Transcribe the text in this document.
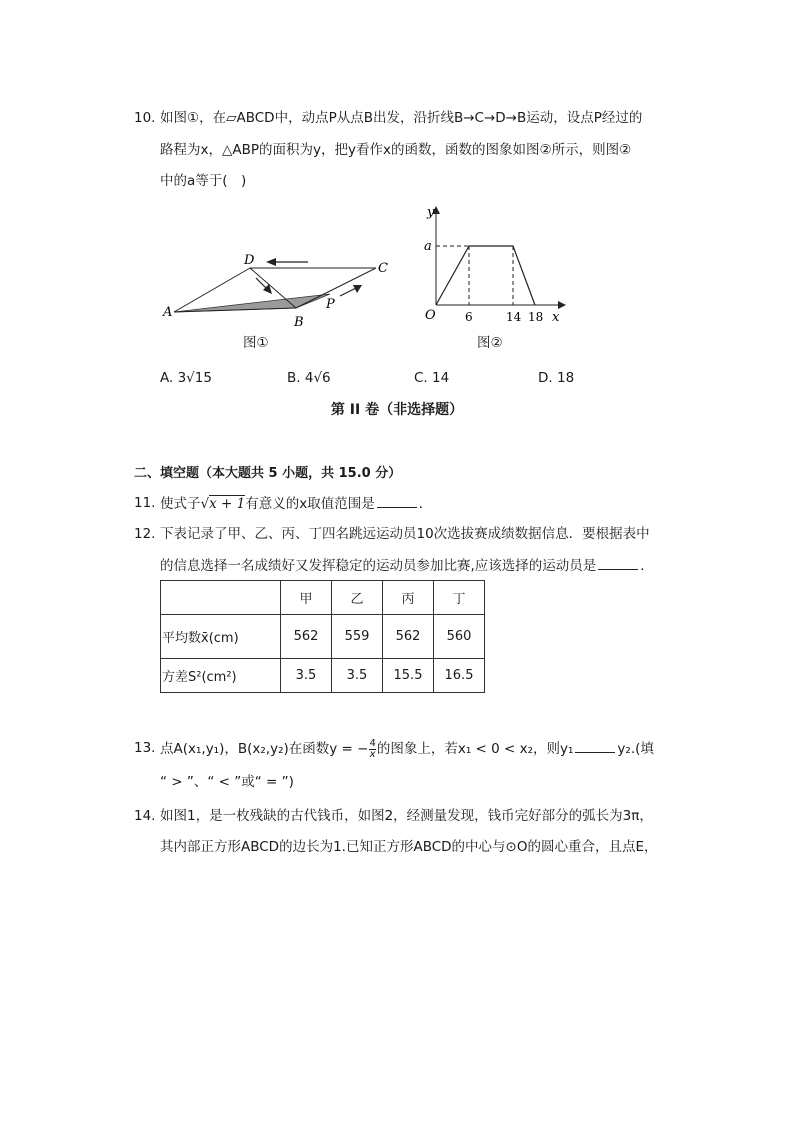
10. 如图①，在▱ABCD中，动点P从点B出发，沿折线B→C→D→B运动，设点P经过的
路程为x，△ABP的面积为y，把y看作x的函数，函数的图象如图②所示，则图②
中的a等于(　)
A
D
C
B
P
图①
y
x
O
a
6	14 18
图②
A. 3√15	B. 4√6	C. 14	D. 18
第 II 卷（非选择题）
二、填空题（本大题共 5 小题，共 15.0 分）
11. 使式子√x + 1有意义的x取值范围是	．
12. 下表记录了甲、乙、丙、丁四名跳远运动员10次选拔赛成绩数据信息．要根据表中
的信息选择一名成绩好又发挥稳定的运动员参加比赛,应该选择的运动员是	．
	甲	乙	丙	丁
平均数x̄(cm)	562	559	562	560
方差S²(cm²)	3.5	3.5	15.5	16.5
13. 点A(x₁,y₁)，B(x₂,y₂)在函数y = − $\frac{4}{x}$ 的图象上，若x₁ < 0 < x₂，则y₁	y₂.(填
“ > ”、“ < ”或“ = ”)
14. 如图1，是一枚残缺的古代钱币，如图2，经测量发现，钱币完好部分的弧长为3π，
其内部正方形ABCD的边长为1.已知正方形ABCD的中心与⊙O的圆心重合，且点E，
